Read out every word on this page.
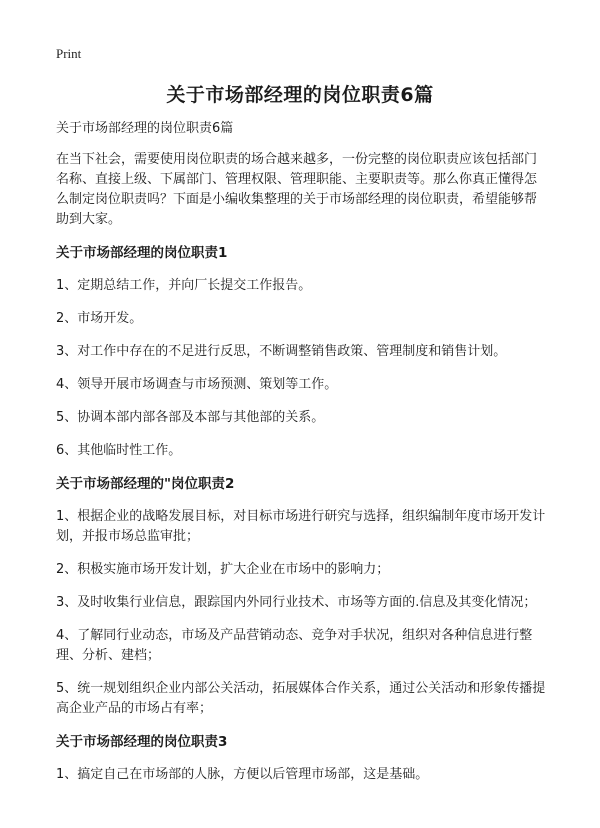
Print
关于市场部经理的岗位职责6篇

关于市场部经理的岗位职责6篇

在当下社会，需要使用岗位职责的场合越来越多，一份完整的岗位职责应该包括部门名称、直接上级、下属部门、管理权限、管理职能、主要职责等。那么你真正懂得怎么制定岗位职责吗？下面是小编收集整理的关于市场部经理的岗位职责，希望能够帮助到大家。

关于市场部经理的岗位职责1

1、定期总结工作，并向厂长提交工作报告。

2、市场开发。

3、对工作中存在的不足进行反思，不断调整销售政策、管理制度和销售计划。

4、领导开展市场调查与市场预测、策划等工作。

5、协调本部内部各部及本部与其他部的关系。

6、其他临时性工作。

关于市场部经理的"岗位职责2

1、根据企业的战略发展目标，对目标市场进行研究与选择，组织编制年度市场开发计划，并报市场总监审批；

2、积极实施市场开发计划，扩大企业在市场中的影响力；

3、及时收集行业信息，跟踪国内外同行业技术、市场等方面的.信息及其变化情况；

4、了解同行业动态，市场及产品营销动态、竞争对手状况，组织对各种信息进行整理、分析、建档；

5、统一规划组织企业内部公关活动，拓展媒体合作关系，通过公关活动和形象传播提高企业产品的市场占有率；

关于市场部经理的岗位职责3

1、搞定自己在市场部的人脉，方便以后管理市场部，这是基础。
